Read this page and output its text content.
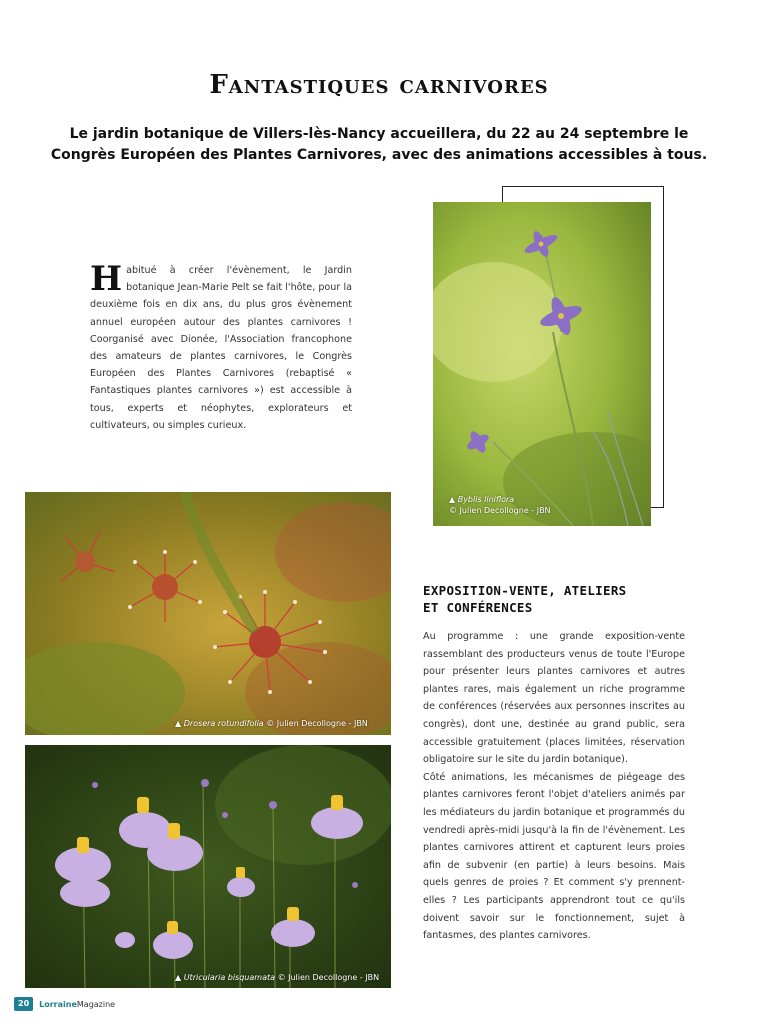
Fantastiques carnivores

Le jardin botanique de Villers-lès-Nancy accueillera, du 22 au 24 septembre le Congrès Européen des Plantes Carnivores, avec des animations accessibles à tous.

Habitué à créer l'évènement, le Jardin botanique Jean-Marie Pelt se fait l'hôte, pour la deuxième fois en dix ans, du plus gros évènement annuel européen autour des plantes carnivores ! Coorganisé avec Dionée, l'Association francophone des amateurs de plantes carnivores, le Congrès Européen des Plantes Carnivores (rebaptisé « Fantastiques plantes carnivores ») est accessible à tous, experts et néophytes, explorateurs et cultivateurs, ou simples curieux.
▲ Byblis liniflora
© Julien Decollogne - JBN
▲ Drosera rotundifolia © Julien Decollogne - JBN
▲ Utricularia bisquamata © Julien Decollogne - JBN
EXPOSITION-VENTE, ATELIERS
ET CONFÉRENCES

Au programme : une grande exposition-vente rassemblant des producteurs venus de toute l'Europe pour présenter leurs plantes carnivores et autres plantes rares, mais également un riche programme de conférences (réservées aux personnes inscrites au congrès), dont une, destinée au grand public, sera accessible gratuitement (places limitées, réservation obligatoire sur le site du jardin botanique).

Côté animations, les mécanismes de piégeage des plantes carnivores feront l'objet d'ateliers animés par les médiateurs du jardin botanique et programmés du vendredi après-midi jusqu'à la fin de l'évènement. Les plantes carnivores attirent et capturent leurs proies afin de subvenir (en partie) à leurs besoins. Mais quels genres de proies ? Et comment s'y prennent-elles ? Les participants apprendront tout ce qu'ils doivent savoir sur le fonctionnement, sujet à fantasmes, des plantes carnivores.

20	LorraineMagazine
